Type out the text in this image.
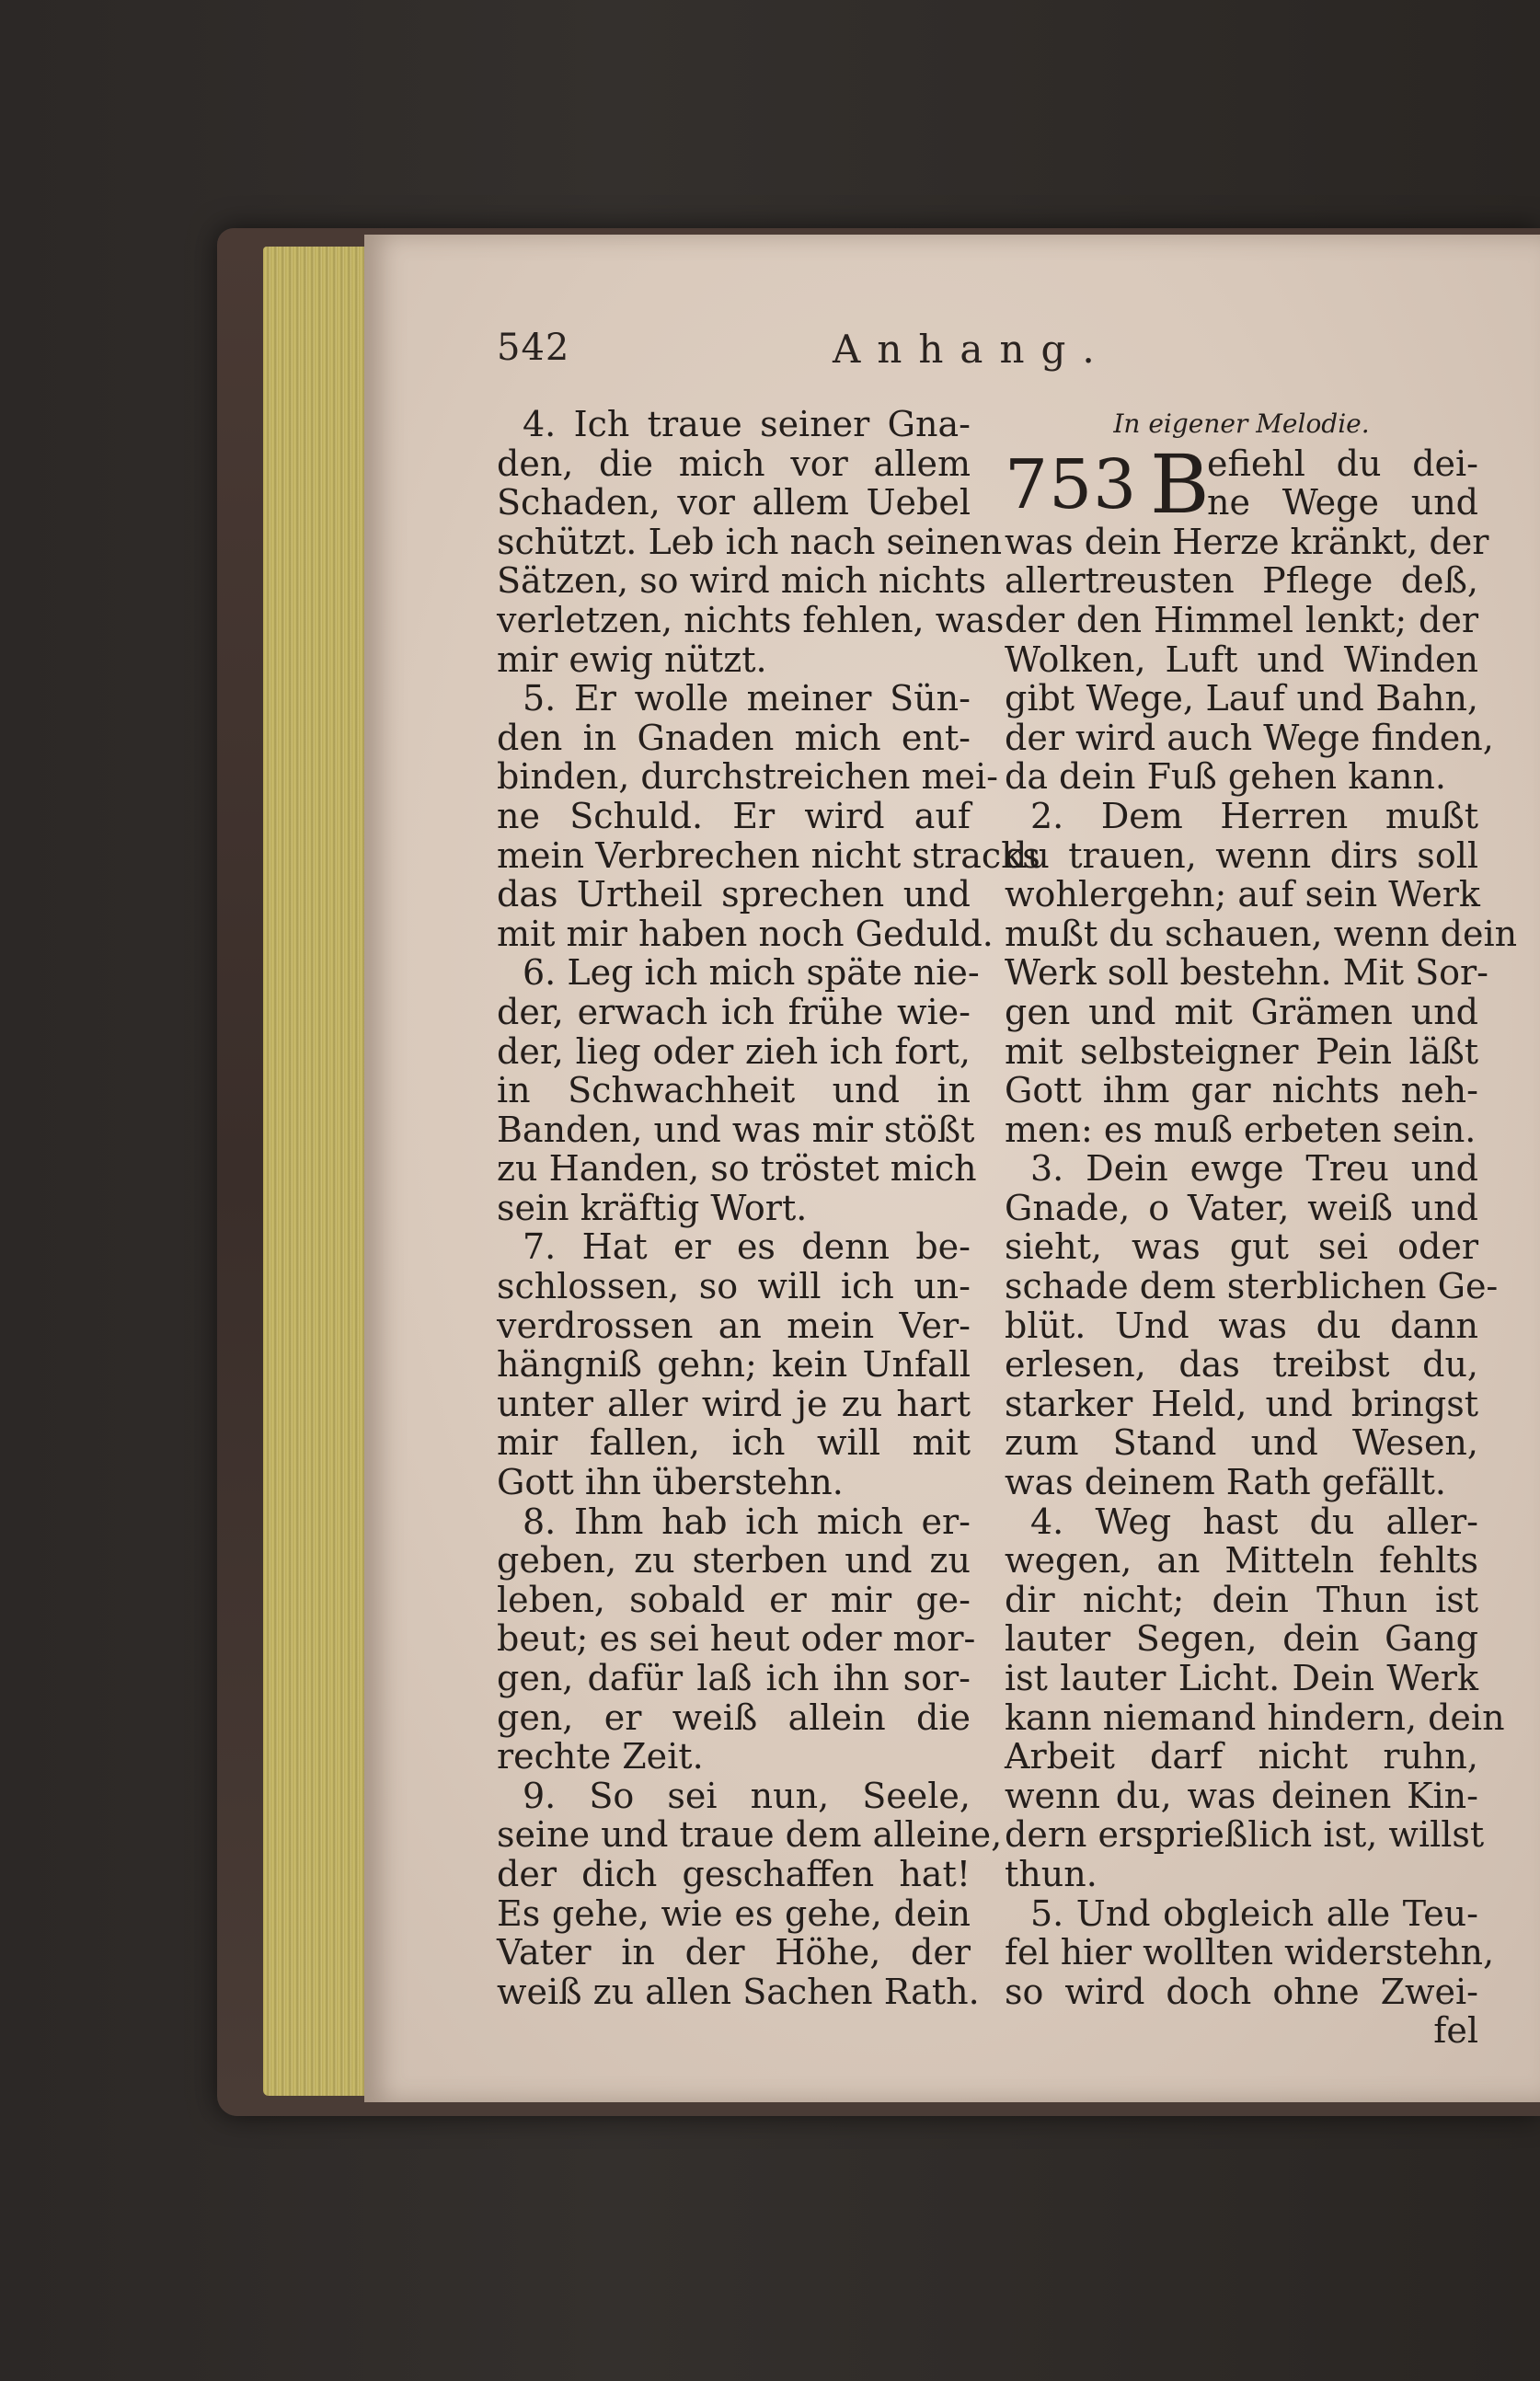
542	Anhang.
4. Ich traue seiner Gna-
den, die mich vor allem
Schaden, vor allem Uebel
schützt. Leb ich nach seinen
Sätzen, so wird mich nichts
verletzen, nichts fehlen, was
mir ewig nützt.
5. Er wolle meiner Sün-
den in Gnaden mich ent-
binden, durchstreichen mei-
ne Schuld. Er wird auf
mein Verbrechen nicht stracks
das Urtheil sprechen und
mit mir haben noch Geduld.
6. Leg ich mich späte nie-
der, erwach ich frühe wie-
der, lieg oder zieh ich fort,
in Schwachheit und in
Banden, und was mir stößt
zu Handen, so tröstet mich
sein kräftig Wort.
7. Hat er es denn be-
schlossen, so will ich un-
verdrossen an mein Ver-
hängniß gehn; kein Unfall
unter aller wird je zu hart
mir fallen, ich will mit
Gott ihn überstehn.
8. Ihm hab ich mich er-
geben, zu sterben und zu
leben, sobald er mir ge-
beut; es sei heut oder mor-
gen, dafür laß ich ihn sor-
gen, er weiß allein die
rechte Zeit.
9. So sei nun, Seele,
seine und traue dem alleine,
der dich geschaffen hat!
Es gehe, wie es gehe, dein
Vater in der Höhe, der
weiß zu allen Sachen Rath.
In eigener Melodie.
753 B
efiehl du dei-
ne Wege und
was dein Herze kränkt, der
allertreusten Pflege deß,
der den Himmel lenkt; der
Wolken, Luft und Winden
gibt Wege, Lauf und Bahn,
der wird auch Wege finden,
da dein Fuß gehen kann.
2. Dem Herren mußt
du trauen, wenn dirs soll
wohlergehn; auf sein Werk
mußt du schauen, wenn dein
Werk soll bestehn. Mit Sor-
gen und mit Grämen und
mit selbsteigner Pein läßt
Gott ihm gar nichts neh-
men: es muß erbeten sein.
3. Dein ewge Treu und
Gnade, o Vater, weiß und
sieht, was gut sei oder
schade dem sterblichen Ge-
blüt. Und was du dann
erlesen, das treibst du,
starker Held, und bringst
zum Stand und Wesen,
was deinem Rath gefällt.
4. Weg hast du aller-
wegen, an Mitteln fehlts
dir nicht; dein Thun ist
lauter Segen, dein Gang
ist lauter Licht. Dein Werk
kann niemand hindern, dein
Arbeit darf nicht ruhn,
wenn du, was deinen Kin-
dern ersprießlich ist, willst
thun.
5. Und obgleich alle Teu-
fel hier wollten widerstehn,
so wird doch ohne Zwei-
fel
